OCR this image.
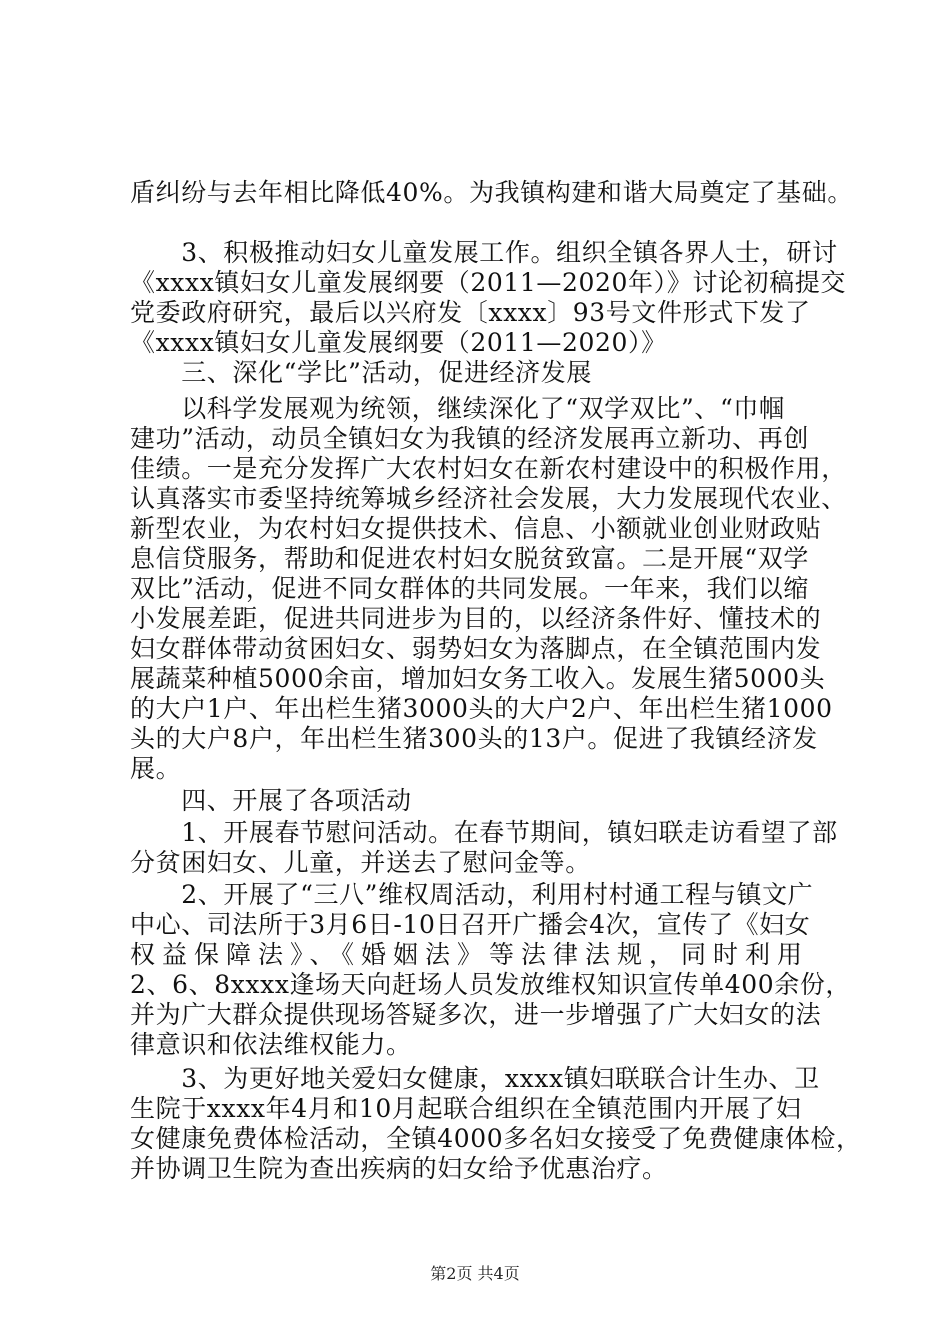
盾纠纷与去年相比降低40%。为我镇构建和谐大局奠定了基础。
　　3、积极推动妇女儿童发展工作。组织全镇各界人士，研讨
《xxxx镇妇女儿童发展纲要（2011—2020年）》讨论初稿提交
党委政府研究，最后以兴府发〔xxxx〕93号文件形式下发了
《xxxx镇妇女儿童发展纲要（2011—2020）》
　　三、深化“学比”活动，促进经济发展
　　以科学发展观为统领，继续深化了“双学双比”、“巾帼
建功”活动，动员全镇妇女为我镇的经济发展再立新功、再创
佳绩。一是充分发挥广大农村妇女在新农村建设中的积极作用，
认真落实市委坚持统筹城乡经济社会发展，大力发展现代农业、
新型农业，为农村妇女提供技术、信息、小额就业创业财政贴
息信贷服务，帮助和促进农村妇女脱贫致富。二是开展“双学
双比”活动，促进不同女群体的共同发展。一年来，我们以缩
小发展差距，促进共同进步为目的，以经济条件好、懂技术的
妇女群体带动贫困妇女、弱势妇女为落脚点，在全镇范围内发
展蔬菜种植5000余亩，增加妇女务工收入。发展生猪5000头
的大户1户、年出栏生猪3000头的大户2户、年出栏生猪1000
头的大户8户，年出栏生猪300头的13户。促进了我镇经济发
展。
　　四、开展了各项活动
　　1、开展春节慰问活动。在春节期间，镇妇联走访看望了部
分贫困妇女、儿童，并送去了慰问金等。
　　2、开展了“三八”维权周活动，利用村村通工程与镇文广
中心、司法所于3月6日-10日召开广播会4次，宣传了《妇女
权益保障法》、《婚姻法》等法律法规，同时利用
2、6、8xxxx逢场天向赶场人员发放维权知识宣传单400余份，
并为广大群众提供现场答疑多次，进一步增强了广大妇女的法
律意识和依法维权能力。
　　3、为更好地关爱妇女健康，xxxx镇妇联联合计生办、卫
生院于xxxx年4月和10月起联合组织在全镇范围内开展了妇
女健康免费体检活动，全镇4000多名妇女接受了免费健康体检，
并协调卫生院为查出疾病的妇女给予优惠治疗。
第2页 共4页
